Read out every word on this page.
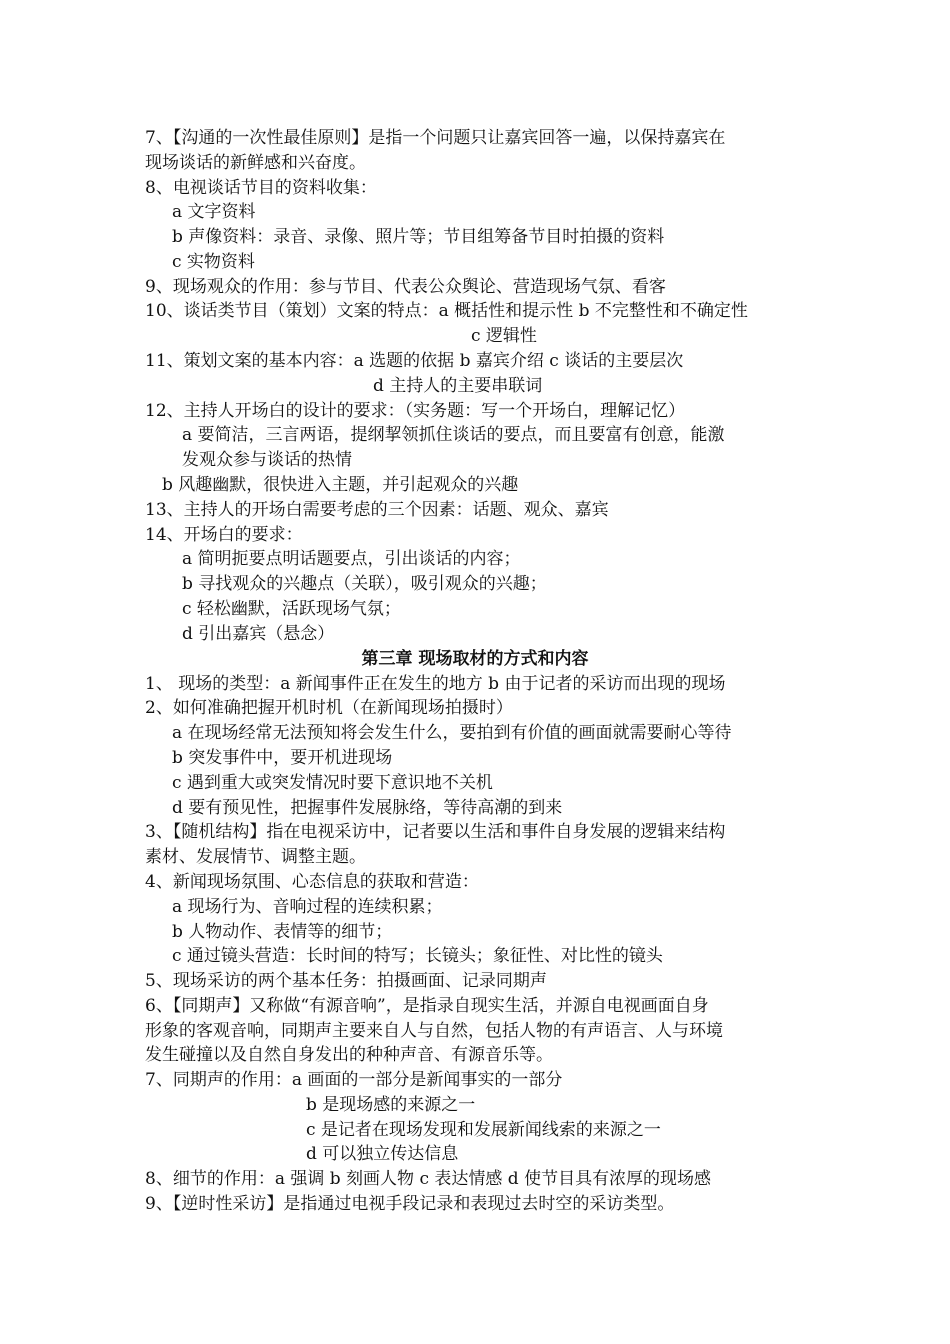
7、【沟通的一次性最佳原则】是指一个问题只让嘉宾回答一遍，以保持嘉宾在
现场谈话的新鲜感和兴奋度。
8、电视谈话节目的资料收集：
a 文字资料
b 声像资料：录音、录像、照片等；节目组筹备节目时拍摄的资料
c 实物资料
9、现场观众的作用：参与节目、代表公众舆论、营造现场气氛、看客
10、谈话类节目（策划）文案的特点：a 概括性和提示性 b 不完整性和不确定性
c 逻辑性
11、策划文案的基本内容：a 选题的依据 b 嘉宾介绍 c 谈话的主要层次
d 主持人的主要串联词
12、主持人开场白的设计的要求：（实务题：写一个开场白，理解记忆）
a 要简洁，三言两语，提纲挈领抓住谈话的要点，而且要富有创意，能激
发观众参与谈话的热情
b 风趣幽默，很快进入主题，并引起观众的兴趣
13、主持人的开场白需要考虑的三个因素：话题、观众、嘉宾
14、开场白的要求：
a 简明扼要点明话题要点，引出谈话的内容；
b 寻找观众的兴趣点（关联），吸引观众的兴趣；
c 轻松幽默，活跃现场气氛；
d 引出嘉宾（悬念）
第三章 现场取材的方式和内容
1、 现场的类型：a 新闻事件正在发生的地方 b 由于记者的采访而出现的现场
2、如何准确把握开机时机（在新闻现场拍摄时）
a 在现场经常无法预知将会发生什么，要拍到有价值的画面就需要耐心等待
b 突发事件中，要开机进现场
c 遇到重大或突发情况时要下意识地不关机
d 要有预见性，把握事件发展脉络，等待高潮的到来
3、【随机结构】指在电视采访中，记者要以生活和事件自身发展的逻辑来结构
素材、发展情节、调整主题。
4、新闻现场氛围、心态信息的获取和营造：
a 现场行为、音响过程的连续积累；
b 人物动作、表情等的细节；
c 通过镜头营造：长时间的特写；长镜头；象征性、对比性的镜头
5、现场采访的两个基本任务：拍摄画面、记录同期声
6、【同期声】又称做“有源音响”，是指录自现实生活，并源自电视画面自身
形象的客观音响，同期声主要来自人与自然，包括人物的有声语言、人与环境
发生碰撞以及自然自身发出的种种声音、有源音乐等。
7、同期声的作用：a 画面的一部分是新闻事实的一部分
b 是现场感的来源之一
c 是记者在现场发现和发展新闻线索的来源之一
d 可以独立传达信息
8、细节的作用：a 强调 b 刻画人物 c 表达情感 d 使节目具有浓厚的现场感
9、【逆时性采访】是指通过电视手段记录和表现过去时空的采访类型。
